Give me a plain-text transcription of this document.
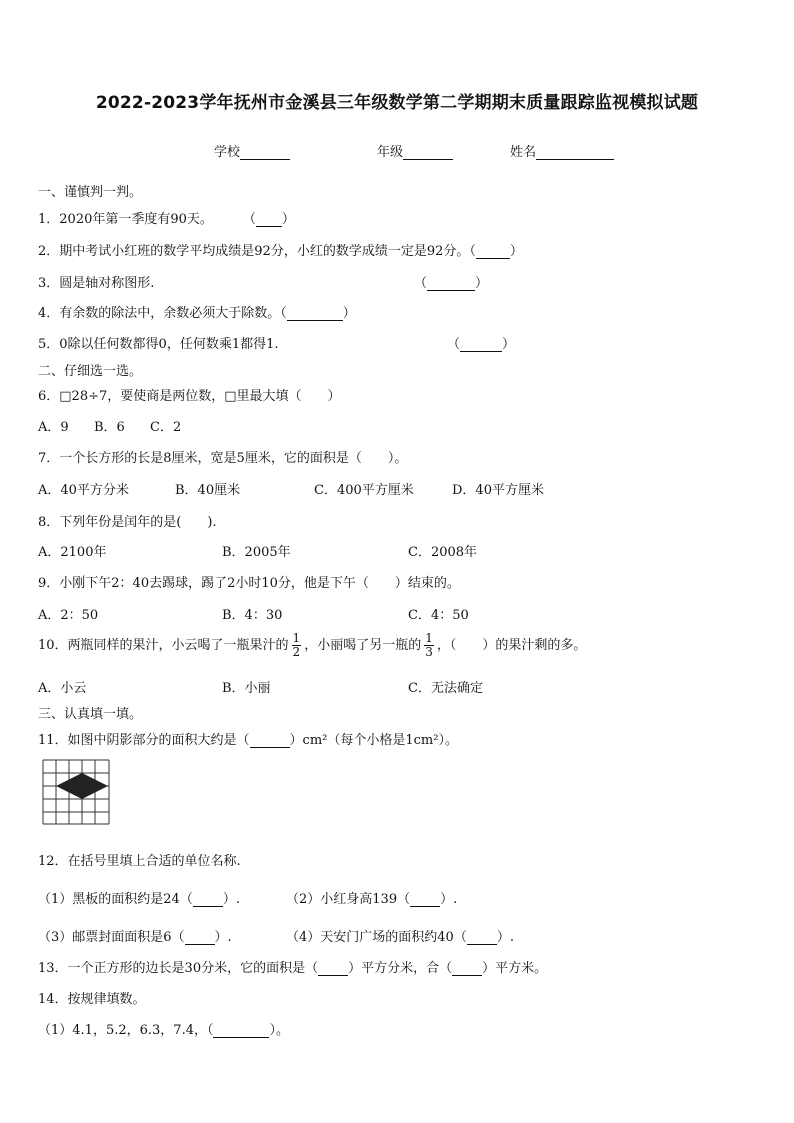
2022-2023学年抚州市金溪县三年级数学第二学期期末质量跟踪监视模拟试题
学校	年级	姓名
一、谨慎判一判。
1．2020年第一季度有90天。 （ ）
2．期中考试小红班的数学平均成绩是92分，小红的数学成绩一定是92分。（	）
3．圆是轴对称图形.	（	）
4．有余数的除法中，余数必须大于除数。（	）
5．0除以任何数都得0，任何数乘1都得1.	（	）
二、仔细选一选。
6．□28÷7，要使商是两位数，□里最大填（　　）
A．9 B．6 C．2
7．一个长方形的长是8厘米，宽是5厘米，它的面积是（　　）。
A．40平方分米	B．40厘米	C．400平方厘米	D．40平方厘米
8．下列年份是闰年的是(　　).
A．2100年	B．2005年	C．2008年
9．小刚下午2：40去踢球，踢了2小时10分，他是下午（　　）结束的。
A．2：50	B．4：30	C．4：50
10．两瓶同样的果汁，小云喝了一瓶果汁的 $\frac{1}{2}$ ，小丽喝了另一瓶的 $\frac{1}{3}$ ，（　　）的果汁剩的多。
A．小云	B．小丽	C．无法确定
三、认真填一填。
11．如图中阴影部分的面积大约是（	）cm²（每个小格是1cm²）。
12．在括号里填上合适的单位名称.
（1）黑板的面积约是24（ ）.	（2）小红身高139（ ）.
（3）邮票封面面积是6（ ）.	（4）天安门广场的面积约40（ ）.
13．一个正方形的边长是30分米，它的面积是（ ）平方分米，合（ ）平方米。
14．按规律填数。
（1）4.1，5.2，6.3，7.4，（	）。
